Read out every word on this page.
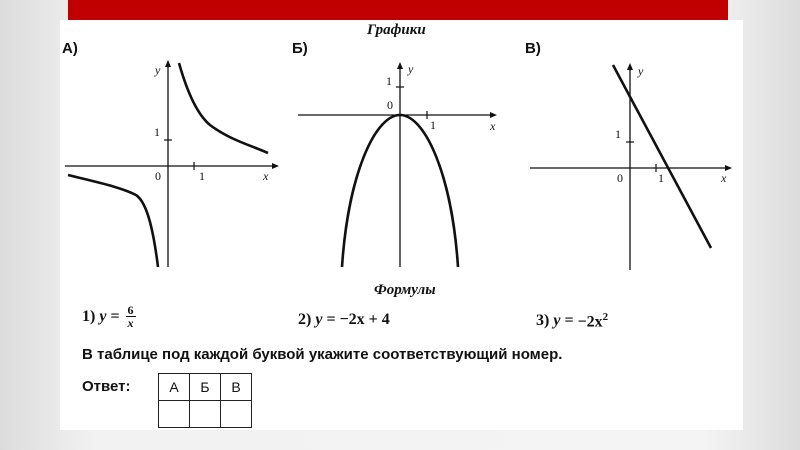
Графики
А)	Б)	В)
x
y
0	1
1	x
y
0
1
1
x
y
0	1
1
Формулы
1) $y = \frac{6}{x}$	2) y = −2x + 4	3) $y = -2x^2$
В таблице под каждой буквой укажите соответствующий номер.
Ответ:	А	Б	В
